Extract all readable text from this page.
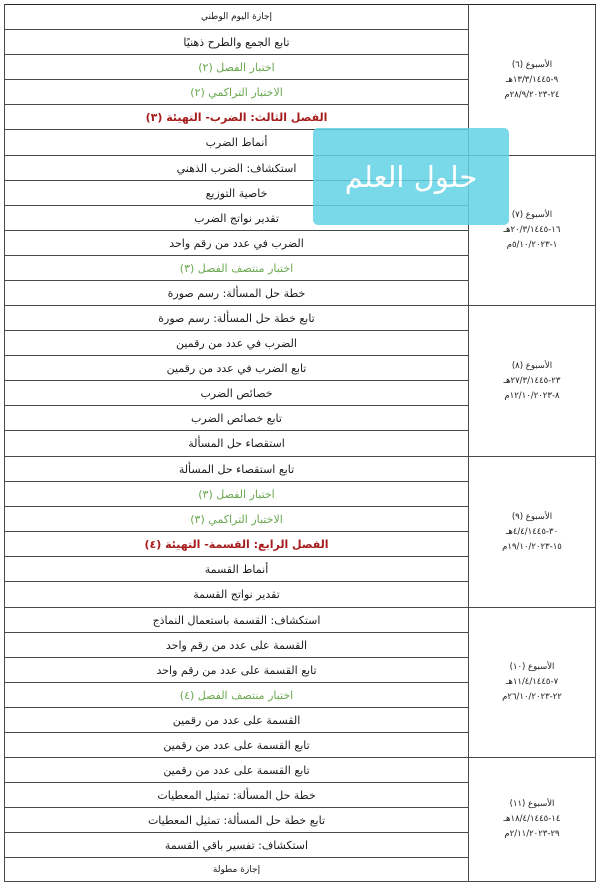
الأسبوع (٦)
٩-١٣/٣/١٤٤٥هـ
٢٤-٢٨/٩/٢٠٢٣م	إجازة اليوم الوطني
	تابع الجمع والطرح ذهنيًا
	اختبار الفصل (٢)
	الاختبار التراكمي (٢)
	الفصل الثالث: الضرب- التهيئة (٣)
	أنماط الضرب

الأسبوع (٧)
١٦-٢٠/٣/١٤٤٥هـ
١-٥/١٠/٢٠٢٣م	استكشاف: الضرب الذهني
	خاصية التوزيع
	تقدير نواتج الضرب
	الضرب في عدد من رقم واحد
	اختبار منتصف الفصل (٣)
	خطة حل المسألة: رسم صورة

الأسبوع (٨)
٢٣-٢٧/٣/١٤٤٥هـ
٨-١٢/١٠/٢٠٢٣م	تابع خطة حل المسألة: رسم صورة
	الضرب في عدد من رقمين
	تابع الضرب في عدد من رقمين
	خصائص الضرب
	تابع خصائص الضرب
	استقصاء حل المسألة

الأسبوع (٩)
٣٠-٤/٤/١٤٤٥هـ
١٥-١٩/١٠/٢٠٢٣م	تابع استقصاء حل المسألة
	اختبار الفصل (٣)
	الاختبار التراكمي (٣)
	الفصل الرابع: القسمة- التهيئة (٤)
	أنماط القسمة
	تقدير نواتج القسمة

الأسبوع (١٠)
٧-١١/٤/١٤٤٥هـ
٢٢-٢٦/١٠/٢٠٢٣م	استكشاف: القسمة باستعمال النماذج
	القسمة على عدد من رقم واحد
	تابع القسمة على عدد من رقم واحد
	اختبار منتصف الفصل (٤)
	القسمة على عدد من رقمين
	تابع القسمة على عدد من رقمين

الأسبوع (١١)
١٤-١٨/٤/١٤٤٥هـ
٢٩-٢/١١/٢٠٢٣م	تابع القسمة على عدد من رقمين
	خطة حل المسألة: تمثيل المعطيات
	تابع خطة حل المسألة: تمثيل المعطيات
	استكشاف: تفسير باقي القسمة
	إجازة مطولة
حلول العلم
